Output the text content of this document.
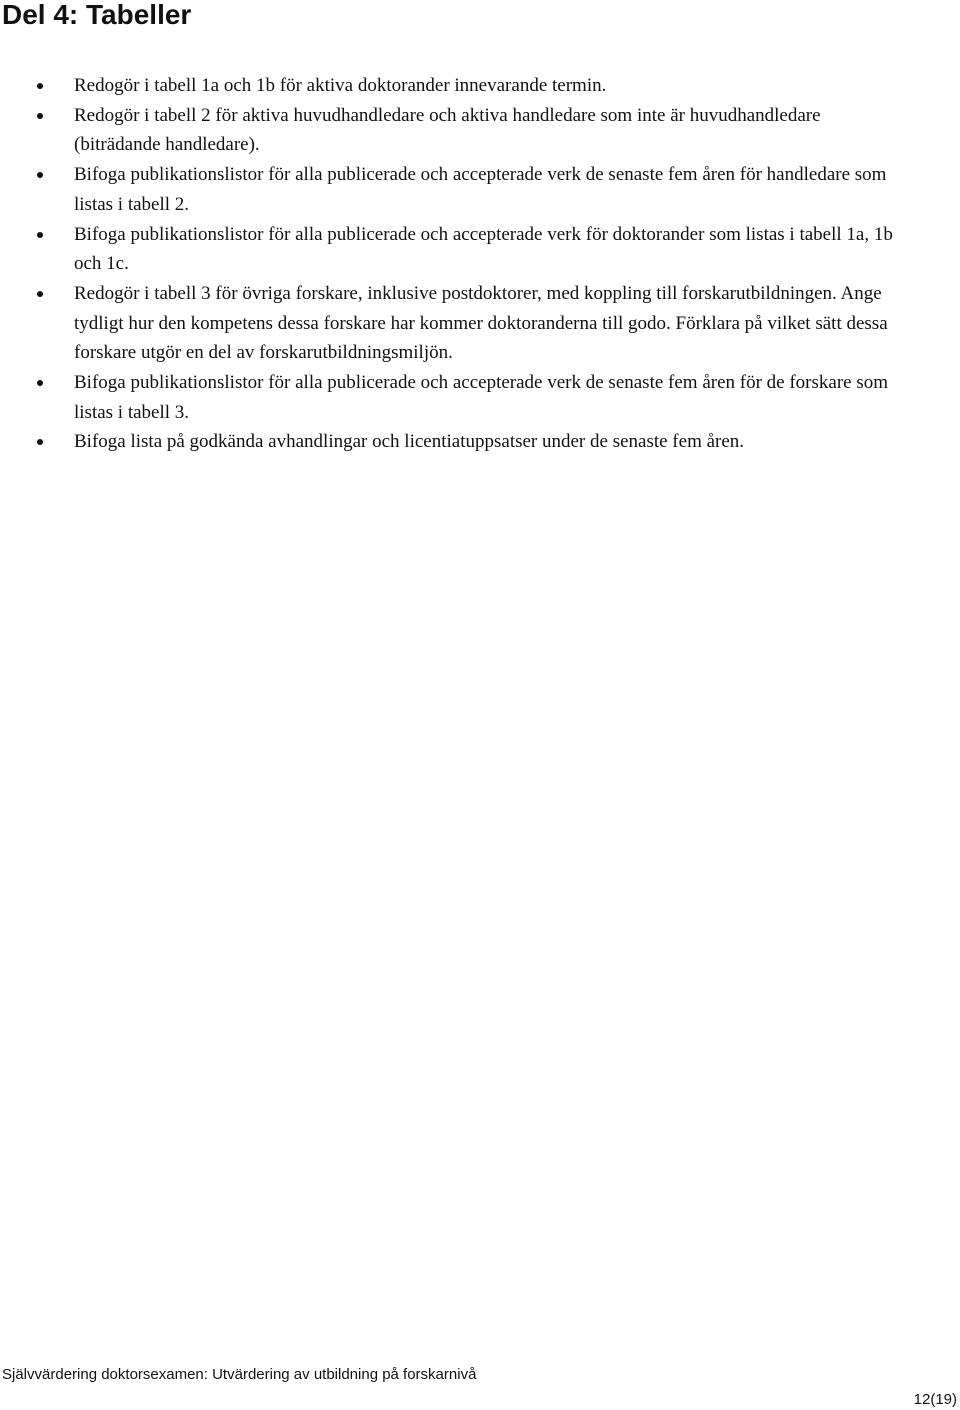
Del 4: Tabeller
Redogör i tabell 1a och 1b för aktiva doktorander innevarande termin.
Redogör i tabell 2 för aktiva huvudhandledare och aktiva handledare som inte är huvudhandledare (biträdande handledare).
Bifoga publikationslistor för alla publicerade och accepterade verk de senaste fem åren för handledare som listas i tabell 2.
Bifoga publikationslistor för alla publicerade och accepterade verk för doktorander som listas i tabell 1a, 1b och 1c.
Redogör i tabell 3 för övriga forskare, inklusive postdoktorer, med koppling till forskarutbildningen. Ange tydligt hur den kompetens dessa forskare har kommer doktoranderna till godo. Förklara på vilket sätt dessa forskare utgör en del av forskarutbildningsmiljön.
Bifoga publikationslistor för alla publicerade och accepterade verk de senaste fem åren för de forskare som listas i tabell 3.
Bifoga lista på godkända avhandlingar och licentiatuppsatser under de senaste fem åren.
Självvärdering doktorsexamen: Utvärdering av utbildning på forskarnivå
12(19)
